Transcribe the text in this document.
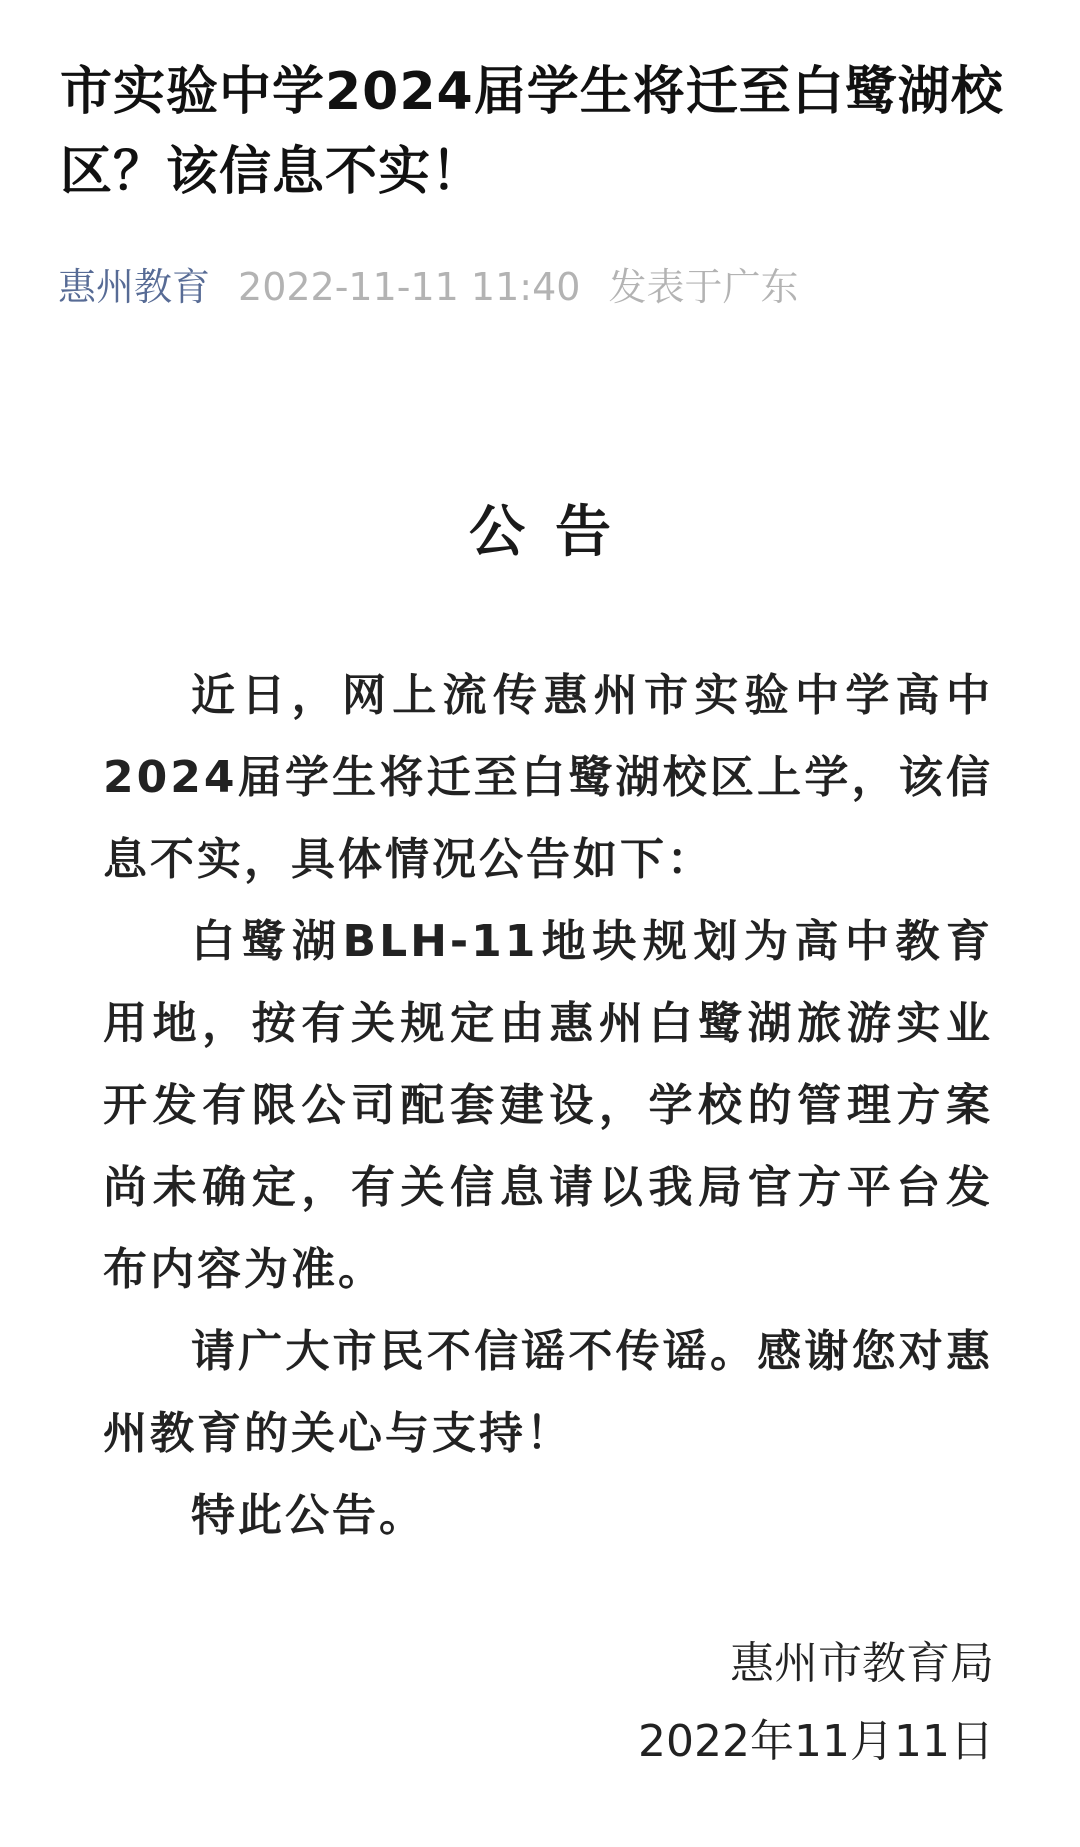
市实验中学2024届学生将迁至白鹭湖校区？该信息不实！
惠州教育 2022-11-11 11:40 发表于广东
公告

近日，网上流传惠州市实验中学高中2024届学生将迁至白鹭湖校区上学，该信息不实，具体情况公告如下：

白鹭湖BLH-11地块规划为高中教育用地，按有关规定由惠州白鹭湖旅游实业开发有限公司配套建设，学校的管理方案尚未确定，有关信息请以我局官方平台发布内容为准。

请广大市民不信谣不传谣。感谢您对惠州教育的关心与支持！

特此公告。

惠州市教育局
2022年11月11日
